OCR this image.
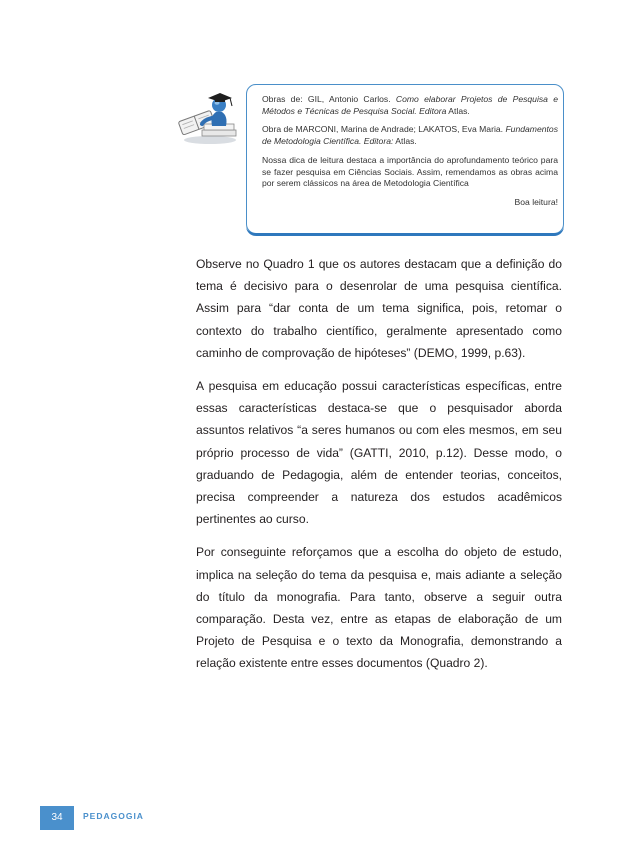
Obras de: GIL, Antonio Carlos. Como elaborar Projetos de Pesquisa e Métodos e Técnicas de Pesquisa Social. Editora Atlas.

Obra de MARCONI, Marina de Andrade; LAKATOS, Eva Maria. Fundamentos de Metodologia Científica. Editora: Atlas.

Nossa dica de leitura destaca a importância do aprofundamento teórico para se fazer pesquisa em Ciências Sociais. Assim, remendamos as obras acima por serem clássicos na área de Metodologia Científica

Boa leitura!

Observe no Quadro 1 que os autores destacam que a definição do tema é decisivo para o desenrolar de uma pesquisa científica. Assim para “dar conta de um tema significa, pois, retomar o contexto do trabalho científico, geralmente apresentado como caminho de comprovação de hipóteses” (DEMO, 1999, p.63).

A pesquisa em educação possui características específicas, entre essas características destaca-se que o pesquisador aborda assuntos relativos “a seres humanos ou com eles mesmos, em seu próprio processo de vida” (GATTI, 2010, p.12). Desse modo, o graduando de Pedagogia, além de entender teorias, conceitos, precisa compreender a natureza dos estudos acadêmicos pertinentes ao curso.

Por conseguinte reforçamos que a escolha do objeto de estudo, implica na seleção do tema da pesquisa e, mais adiante a seleção do título da monografia. Para tanto, observe a seguir outra comparação. Desta vez, entre as etapas de elaboração de um Projeto de Pesquisa e o texto da Monografia, demonstrando a relação existente entre esses documentos (Quadro 2).

34	PEDAGOGIA
